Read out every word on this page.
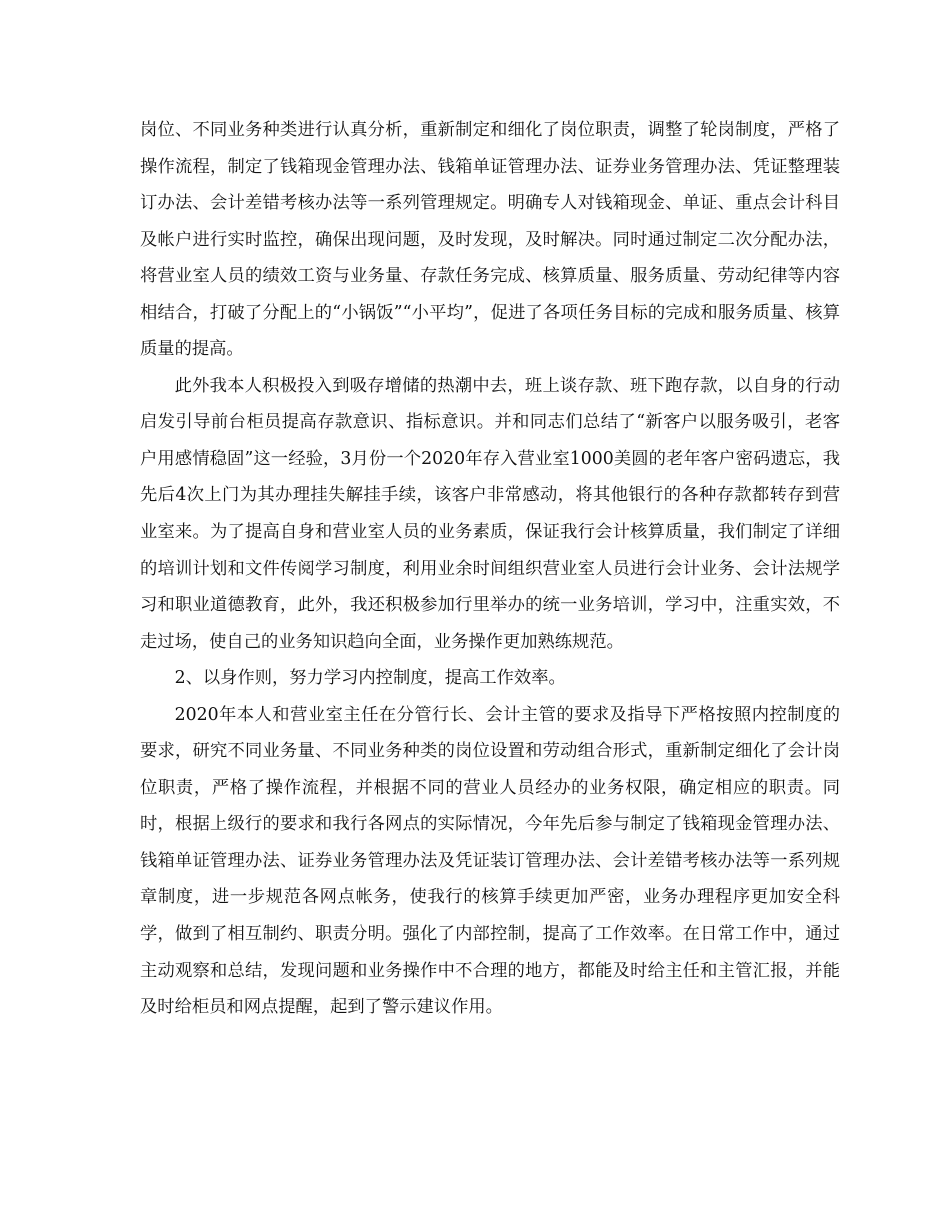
岗位、不同业务种类进行认真分析，重新制定和细化了岗位职责，调整了轮岗制度，严格了操作流程，制定了钱箱现金管理办法、钱箱单证管理办法、证券业务管理办法、凭证整理装订办法、会计差错考核办法等一系列管理规定。明确专人对钱箱现金、单证、重点会计科目及帐户进行实时监控，确保出现问题，及时发现，及时解决。同时通过制定二次分配办法，将营业室人员的绩效工资与业务量、存款任务完成、核算质量、服务质量、劳动纪律等内容相结合，打破了分配上的“小锅饭”“小平均”，促进了各项任务目标的完成和服务质量、核算质量的提高。

此外我本人积极投入到吸存增储的热潮中去，班上谈存款、班下跑存款，以自身的行动启发引导前台柜员提高存款意识、指标意识。并和同志们总结了“新客户以服务吸引，老客户用感情稳固”这一经验，3月份一个2020年存入营业室1000美圆的老年客户密码遗忘，我先后4次上门为其办理挂失解挂手续，该客户非常感动，将其他银行的各种存款都转存到营业室来。为了提高自身和营业室人员的业务素质，保证我行会计核算质量，我们制定了详细的培训计划和文件传阅学习制度，利用业余时间组织营业室人员进行会计业务、会计法规学习和职业道德教育，此外，我还积极参加行里举办的统一业务培训，学习中，注重实效，不走过场，使自己的业务知识趋向全面，业务操作更加熟练规范。

2、以身作则，努力学习内控制度，提高工作效率。

2020年本人和营业室主任在分管行长、会计主管的要求及指导下严格按照内控制度的要求，研究不同业务量、不同业务种类的岗位设置和劳动组合形式，重新制定细化了会计岗位职责，严格了操作流程，并根据不同的营业人员经办的业务权限，确定相应的职责。同时，根据上级行的要求和我行各网点的实际情况，今年先后参与制定了钱箱现金管理办法、钱箱单证管理办法、证券业务管理办法及凭证装订管理办法、会计差错考核办法等一系列规章制度，进一步规范各网点帐务，使我行的核算手续更加严密，业务办理程序更加安全科学，做到了相互制约、职责分明。强化了内部控制，提高了工作效率。在日常工作中，通过主动观察和总结，发现问题和业务操作中不合理的地方，都能及时给主任和主管汇报，并能及时给柜员和网点提醒，起到了警示建议作用。
